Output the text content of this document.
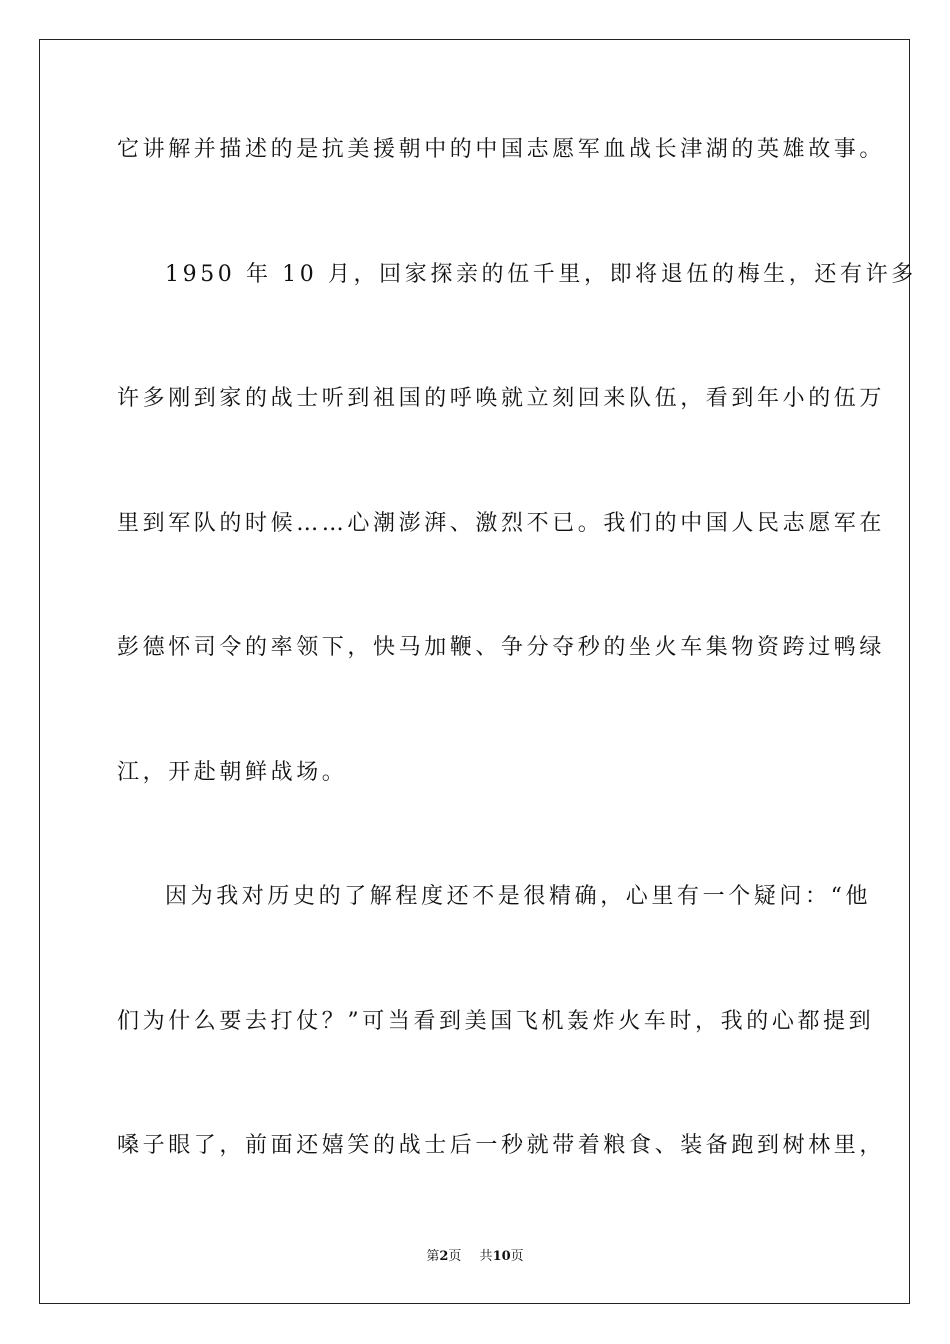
它讲解并描述的是抗美援朝中的中国志愿军血战长津湖的英雄故事。
1950 年 10 月，回家探亲的伍千里，即将退伍的梅生，还有许多
许多刚到家的战士听到祖国的呼唤就立刻回来队伍，看到年小的伍万
里到军队的时候……心潮澎湃、激烈不已。我们的中国人民志愿军在
彭德怀司令的率领下，快马加鞭、争分夺秒的坐火车集物资跨过鸭绿
江，开赴朝鲜战场。
因为我对历史的了解程度还不是很精确，心里有一个疑问：“他
们为什么要去打仗？”可当看到美国飞机轰炸火车时，我的心都提到
嗓子眼了，前面还嬉笑的战士后一秒就带着粮食、装备跑到树林里，
第2页 共10页
